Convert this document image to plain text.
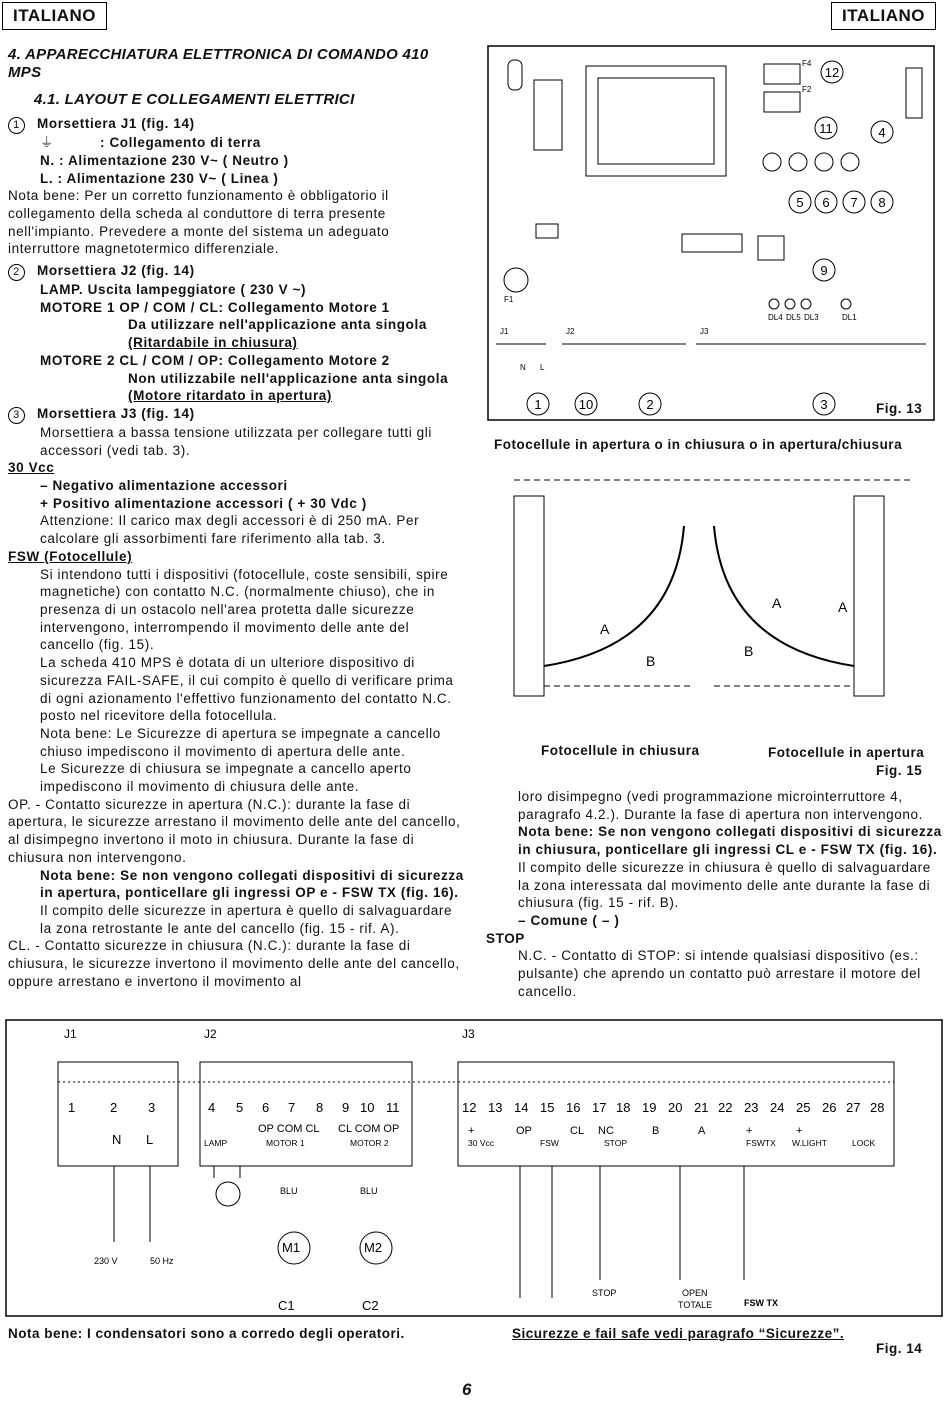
ITALIANO	ITALIANO

4. APPARECCHIATURA ELETTRONICA DI COMANDO 410 MPS

4.1. LAYOUT E COLLEGAMENTI ELETTRICI

1 Morsettiera J1 (fig. 14)

⏚	: Collegamento di terra

N. : Alimentazione 230 V~ ( Neutro )

L. : Alimentazione 230 V~ ( Linea )

Nota bene: Per un corretto funzionamento è obbligatorio il collegamento della scheda al conduttore di terra presente nell'impianto. Prevedere a monte del sistema un adeguato interruttore magnetotermico differenziale.

2 Morsettiera J2 (fig. 14)

LAMP. Uscita lampeggiatore ( 230 V ~)

MOTORE 1 OP / COM / CL: Collegamento Motore 1

Da utilizzare nell'applicazione anta singola

(Ritardabile in chiusura)

MOTORE 2 CL / COM / OP: Collegamento Motore 2

Non utilizzabile nell'applicazione anta singola

(Motore ritardato in apertura)

3 Morsettiera J3 (fig. 14)

Morsettiera a bassa tensione utilizzata per collegare tutti gli accessori (vedi tab. 3).

30 Vcc

– Negativo alimentazione accessori

+ Positivo alimentazione accessori ( + 30 Vdc )

Attenzione: Il carico max degli accessori è di 250 mA. Per calcolare gli assorbimenti fare riferimento alla tab. 3.

FSW (Fotocellule)

Si intendono tutti i dispositivi (fotocellule, coste sensibili, spire magnetiche) con contatto N.C. (normalmente chiuso), che in presenza di un ostacolo nell'area protetta dalle sicurezze intervengono, interrompendo il movimento delle ante del cancello (fig. 15).

La scheda 410 MPS è dotata di un ulteriore dispositivo di sicurezza FAIL-SAFE, il cui compito è quello di verificare prima di ogni azionamento l'effettivo funzionamento del contatto N.C. posto nel ricevitore della fotocellula.

Nota bene: Le Sicurezze di apertura se impegnate a cancello chiuso impediscono il movimento di apertura delle ante.

Le Sicurezze di chiusura se impegnate a cancello aperto impediscono il movimento di chiusura delle ante.

OP. - Contatto sicurezze in apertura (N.C.): durante la fase di apertura, le sicurezze arrestano il movimento delle ante del cancello, al disimpegno invertono il moto in chiusura. Durante la fase di chiusura non intervengono.

Nota bene: Se non vengono collegati dispositivi di sicurezza in apertura, ponticellare gli ingressi OP e - FSW TX (fig. 16).

Il compito delle sicurezze in apertura è quello di salvaguardare la zona retrostante le ante del cancello (fig. 15 - rif. A).

CL. - Contatto sicurezze in chiusura (N.C.): durante la fase di chiusura, le sicurezze invertono il movimento delle ante del cancello, oppure arrestano e invertono il movimento al

F4
F2
F1
J1	J2	J3
DL4 DL5 DL3	DL1
N L
12
11	4
5 6 7 8
9
1	10	2	3	Fig. 13
Fotocellule in apertura o in chiusura o in apertura/chiusura
A
B
A
B
A
Fotocellule in chiusura	Fotocellule in apertura
Fig. 15

loro disimpegno (vedi programmazione microinterruttore 4, paragrafo 4.2.). Durante la fase di apertura non intervengono.

Nota bene: Se non vengono collegati dispositivi di sicurezza in chiusura, ponticellare gli ingressi CL e - FSW TX (fig. 16).

Il compito delle sicurezze in chiusura è quello di salvaguardare la zona interessata dal movimento delle ante durante la fase di chiusura (fig. 15 - rif. B).

– Comune ( – )

STOP

N.C. - Contatto di STOP: si intende qualsiasi dispositivo (es.: pulsante) che aprendo un contatto può arrestare il motore del cancello.

J1	J2	J3
1	2 3	4 5 6 7 8 9 10 11	12 13 14 15 16 17 18 19 20 21 22 23 24 25 26 27 28
N L
OP COM CL CL COM OP	+	OP	CL NC	B	A	+	+
LAMP	MOTOR 1	MOTOR 2	30 Vcc	FSW	STOP	FSWTX W.LIGHT	LOCK
230 V	50 Hz
BLU	BLU
STOP	OPEN
TOTALE	FSW TX
M1	M2
C1	C2
Nota bene: I condensatori sono a corredo degli operatori.	Sicurezze e fail safe vedi paragrafo “Sicurezze”.
Fig. 14
6
